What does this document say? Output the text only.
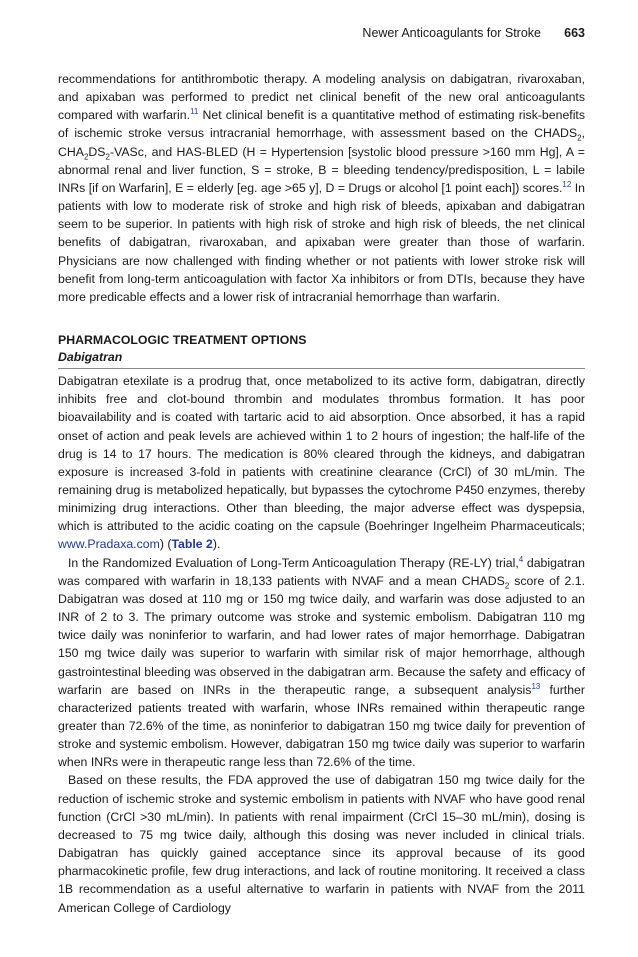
Newer Anticoagulants for Stroke 663

recommendations for antithrombotic therapy. A modeling analysis on dabigatran, rivaroxaban, and apixaban was performed to predict net clinical benefit of the new oral anticoagulants compared with warfarin.$^{11}$ Net clinical benefit is a quantitative method of estimating risk-benefits of ischemic stroke versus intracranial hemorrhage, with assessment based on the $CHADS_2$, $CHA_2DS_2$-VASc, and HAS-BLED (H = Hypertension [systolic blood pressure >160 mm Hg], A = abnormal renal and liver function, S = stroke, B = bleeding tendency/predisposition, L = labile INRs [if on Warfarin], E = elderly [eg. age >65 y], D = Drugs or alcohol [1 point each]) scores.$^{12}$ In patients with low to moderate risk of stroke and high risk of bleeds, apixaban and dabigatran seem to be superior. In patients with high risk of stroke and high risk of bleeds, the net clinical benefits of dabigatran, rivaroxaban, and apixaban were greater than those of warfarin. Physicians are now challenged with finding whether or not patients with lower stroke risk will benefit from long-term anticoagulation with factor Xa inhibitors or from DTIs, because they have more predicable effects and a lower risk of intracranial hemorrhage than warfarin.

PHARMACOLOGIC TREATMENT OPTIONS
Dabigatran

Dabigatran etexilate is a prodrug that, once metabolized to its active form, dabigatran, directly inhibits free and clot-bound thrombin and modulates thrombus formation. It has poor bioavailability and is coated with tartaric acid to aid absorption. Once absorbed, it has a rapid onset of action and peak levels are achieved within 1 to 2 hours of ingestion; the half-life of the drug is 14 to 17 hours. The medication is 80% cleared through the kidneys, and dabigatran exposure is increased 3-fold in patients with creatinine clearance (CrCl) of 30 mL/min. The remaining drug is metabolized hepatically, but bypasses the cytochrome P450 enzymes, thereby minimizing drug interactions. Other than bleeding, the major adverse effect was dyspepsia, which is attributed to the acidic coating on the capsule (Boehringer Ingelheim Pharmaceuticals; www.Pradaxa.com) (Table 2).

In the Randomized Evaluation of Long-Term Anticoagulation Therapy (RE-LY) trial,$^4$ dabigatran was compared with warfarin in 18,133 patients with NVAF and a mean $CHADS_2$ score of 2.1. Dabigatran was dosed at 110 mg or 150 mg twice daily, and warfarin was dose adjusted to an INR of 2 to 3. The primary outcome was stroke and systemic embolism. Dabigatran 110 mg twice daily was noninferior to warfarin, and had lower rates of major hemorrhage. Dabigatran 150 mg twice daily was superior to warfarin with similar risk of major hemorrhage, although gastrointestinal bleeding was observed in the dabigatran arm. Because the safety and efficacy of warfarin are based on INRs in the therapeutic range, a subsequent analysis$^{13}$ further characterized patients treated with warfarin, whose INRs remained within therapeutic range greater than 72.6% of the time, as noninferior to dabigatran 150 mg twice daily for prevention of stroke and systemic embolism. However, dabigatran 150 mg twice daily was superior to warfarin when INRs were in therapeutic range less than 72.6% of the time.

Based on these results, the FDA approved the use of dabigatran 150 mg twice daily for the reduction of ischemic stroke and systemic embolism in patients with NVAF who have good renal function (CrCl >30 mL/min). In patients with renal impairment (CrCl 15–30 mL/min), dosing is decreased to 75 mg twice daily, although this dosing was never included in clinical trials. Dabigatran has quickly gained acceptance since its approval because of its good pharmacokinetic profile, few drug interactions, and lack of routine monitoring. It received a class 1B recommendation as a useful alternative to warfarin in patients with NVAF from the 2011 American College of Cardiology
